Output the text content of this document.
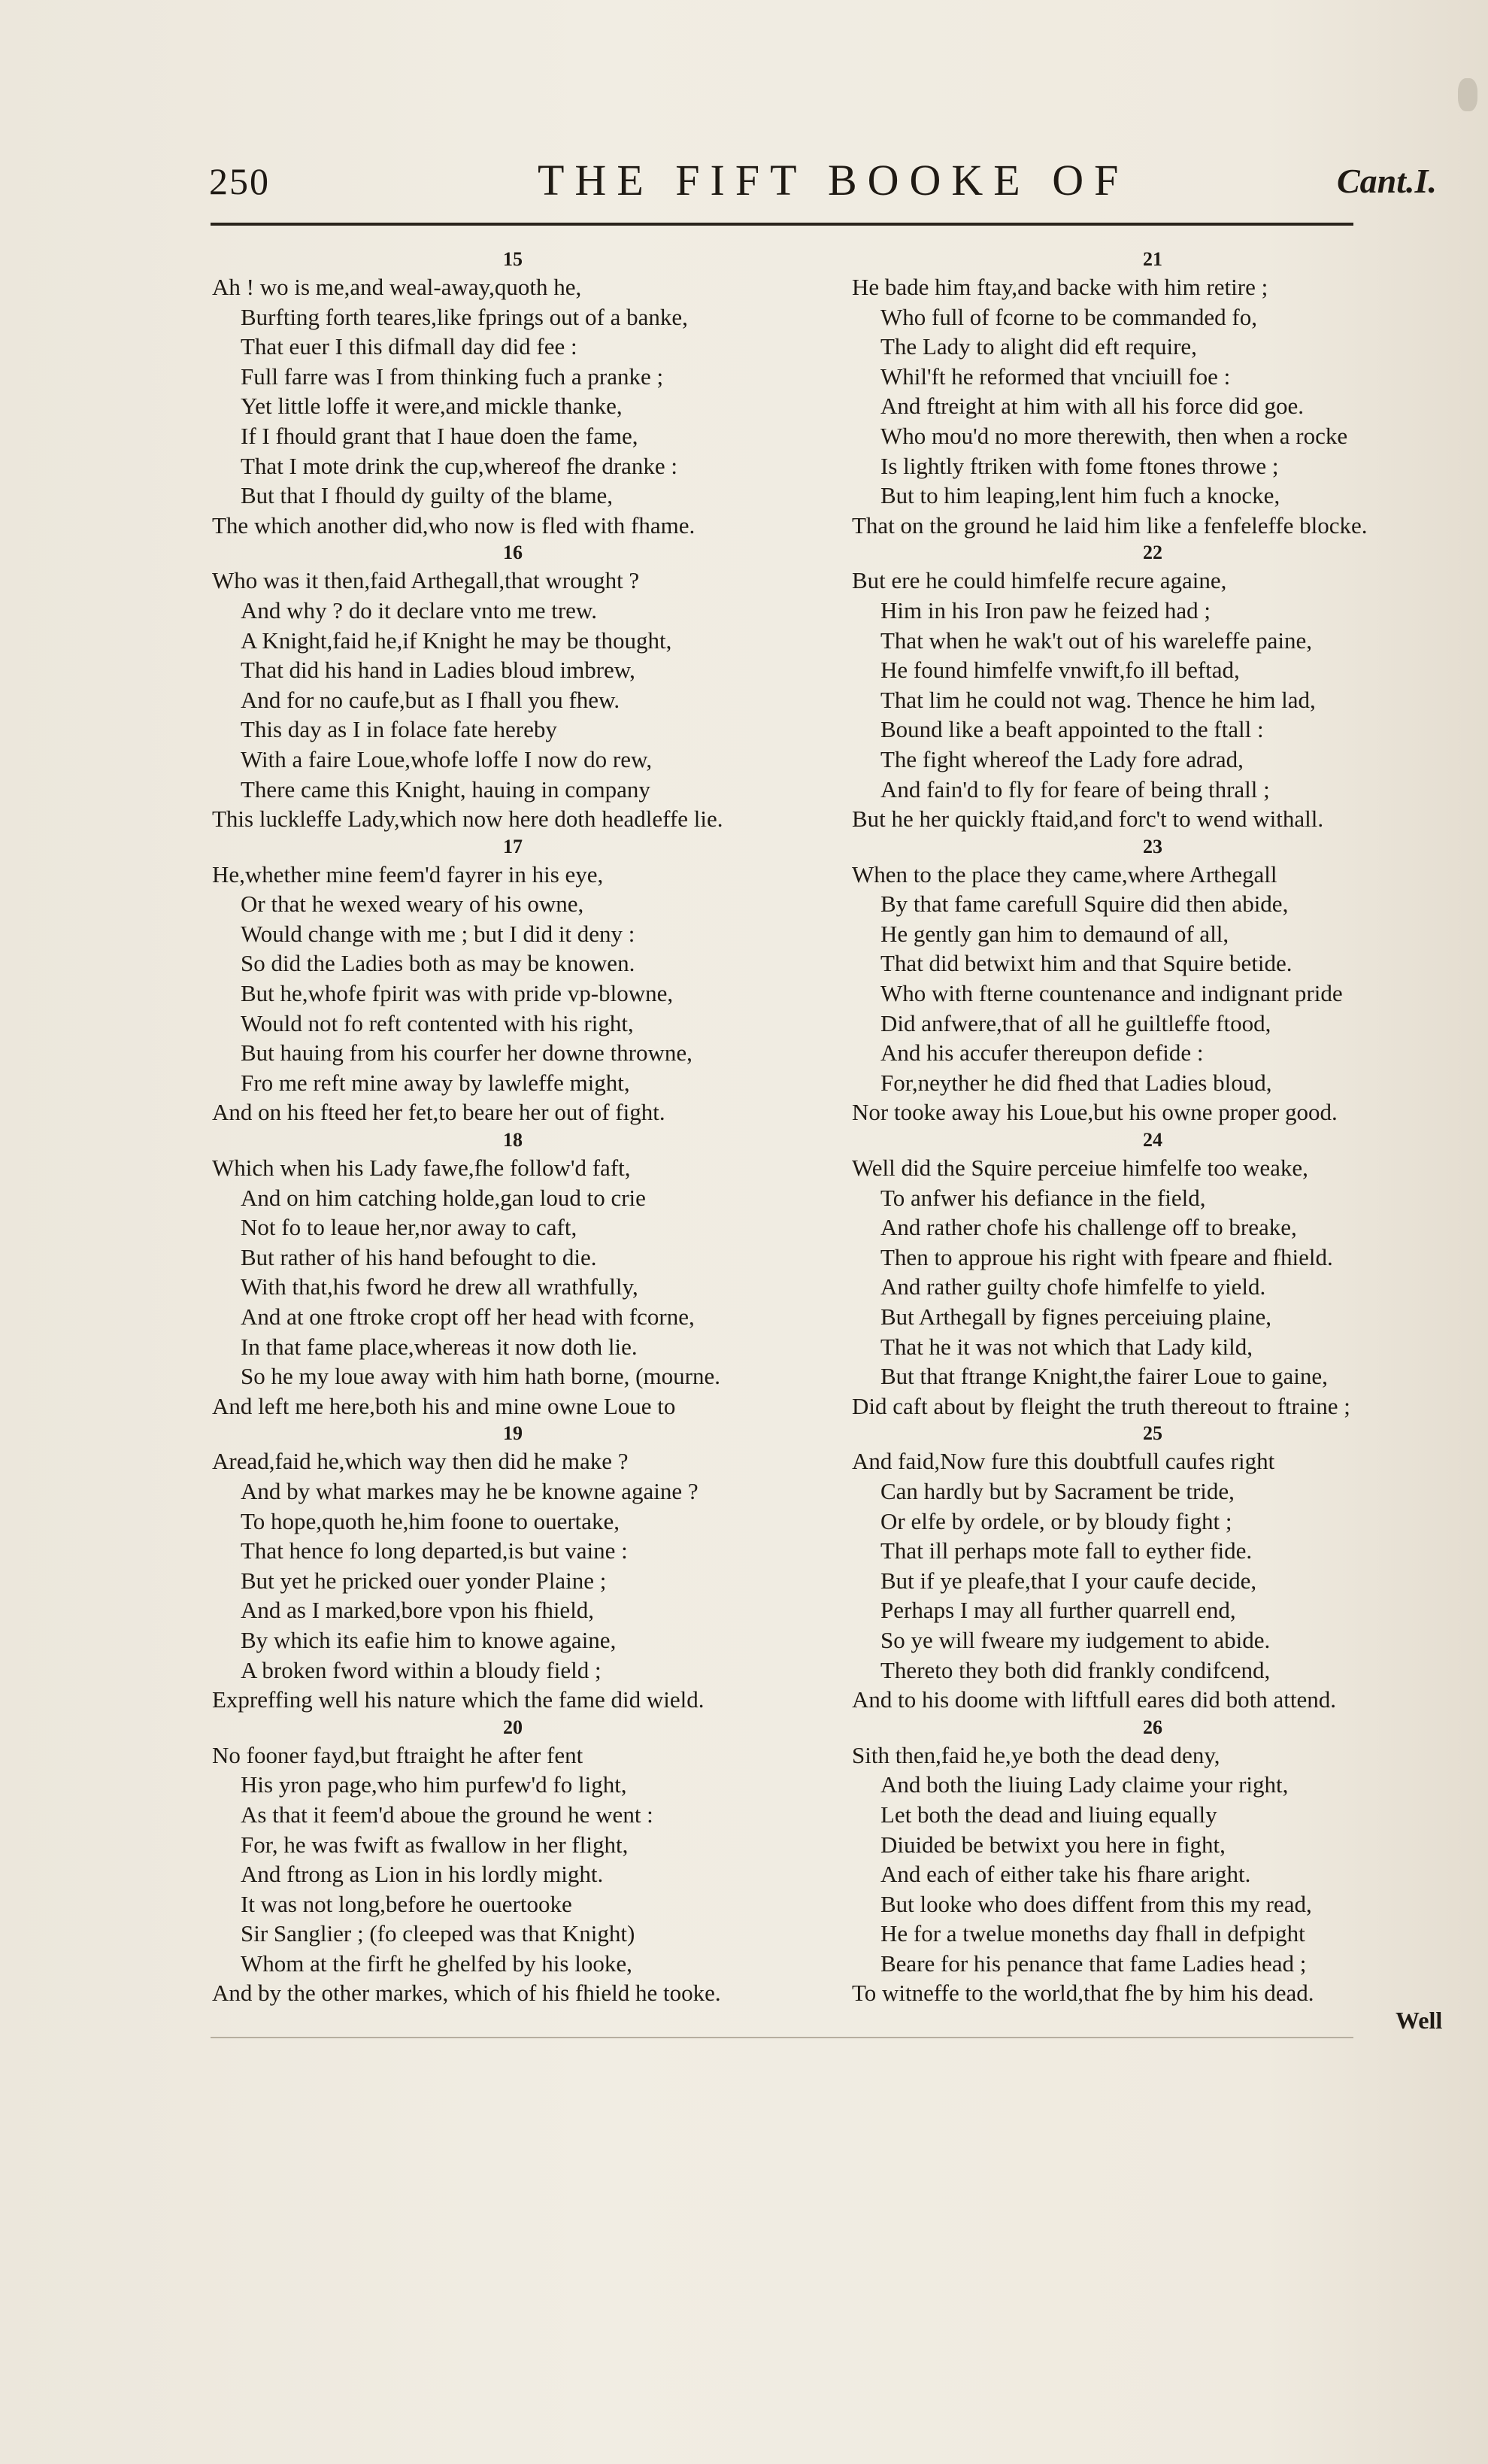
250	THE FIFT BOOKE OF	Cant.I.
15
Ah ! wo is me,and weal-away,quoth he,
Burfting forth teares,like fprings out of a banke,
That euer I this difmall day did fee :
Full farre was I from thinking fuch a pranke ;
Yet little loffe it were,and mickle thanke,
If I fhould grant that I haue doen the fame,
That I mote drink the cup,whereof fhe dranke :
But that I fhould dy guilty of the blame,
The which another did,who now is fled with fhame.
16
Who was it then,faid Arthegall,that wrought ?
And why ? do it declare vnto me trew.
A Knight,faid he,if Knight he may be thought,
That did his hand in Ladies bloud imbrew,
And for no caufe,but as I fhall you fhew.
This day as I in folace fate hereby
With a faire Loue,whofe loffe I now do rew,
There came this Knight, hauing in company
This luckleffe Lady,which now here doth headleffe lie.
17
He,whether mine feem'd fayrer in his eye,
Or that he wexed weary of his owne,
Would change with me ; but I did it deny :
So did the Ladies both as may be knowen.
But he,whofe fpirit was with pride vp-blowne,
Would not fo reft contented with his right,
But hauing from his courfer her downe throwne,
Fro me reft mine away by lawleffe might,
And on his fteed her fet,to beare her out of fight.
18
Which when his Lady fawe,fhe follow'd faft,
And on him catching holde,gan loud to crie
Not fo to leaue her,nor away to caft,
But rather of his hand befought to die.
With that,his fword he drew all wrathfully,
And at one ftroke cropt off her head with fcorne,
In that fame place,whereas it now doth lie.
So he my loue away with him hath borne, (mourne.
And left me here,both his and mine owne Loue to
19
Aread,faid he,which way then did he make ?
And by what markes may he be knowne againe ?
To hope,quoth he,him foone to ouertake,
That hence fo long departed,is but vaine :
But yet he pricked ouer yonder Plaine ;
And as I marked,bore vpon his fhield,
By which its eafie him to knowe againe,
A broken fword within a bloudy field ;
Expreffing well his nature which the fame did wield.
20
No fooner fayd,but ftraight he after fent
His yron page,who him purfew'd fo light,
As that it feem'd aboue the ground he went :
For, he was fwift as fwallow in her flight,
And ftrong as Lion in his lordly might.
It was not long,before he ouertooke
Sir Sanglier ; (fo cleeped was that Knight)
Whom at the firft he ghelfed by his looke,
And by the other markes, which of his fhield he tooke.
21
He bade him ftay,and backe with him retire ;
Who full of fcorne to be commanded fo,
The Lady to alight did eft require,
Whil'ft he reformed that vnciuill foe :
And ftreight at him with all his force did goe.
Who mou'd no more therewith, then when a rocke
Is lightly ftriken with fome ftones throwe ;
But to him leaping,lent him fuch a knocke,
That on the ground he laid him like a fenfeleffe blocke.
22
But ere he could himfelfe recure againe,
Him in his Iron paw he feized had ;
That when he wak't out of his wareleffe paine,
He found himfelfe vnwift,fo ill beftad,
That lim he could not wag. Thence he him lad,
Bound like a beaft appointed to the ftall :
The fight whereof the Lady fore adrad,
And fain'd to fly for feare of being thrall ;
But he her quickly ftaid,and forc't to wend withall.
23
When to the place they came,where Arthegall
By that fame carefull Squire did then abide,
He gently gan him to demaund of all,
That did betwixt him and that Squire betide.
Who with fterne countenance and indignant pride
Did anfwere,that of all he guiltleffe ftood,
And his accufer thereupon defide :
For,neyther he did fhed that Ladies bloud,
Nor tooke away his Loue,but his owne proper good.
24
Well did the Squire perceiue himfelfe too weake,
To anfwer his defiance in the field,
And rather chofe his challenge off to breake,
Then to approue his right with fpeare and fhield.
And rather guilty chofe himfelfe to yield.
But Arthegall by fignes perceiuing plaine,
That he it was not which that Lady kild,
But that ftrange Knight,the fairer Loue to gaine,
Did caft about by fleight the truth thereout to ftraine ;
25
And faid,Now fure this doubtfull caufes right
Can hardly but by Sacrament be tride,
Or elfe by ordele, or by bloudy fight ;
That ill perhaps mote fall to eyther fide.
But if ye pleafe,that I your caufe decide,
Perhaps I may all further quarrell end,
So ye will fweare my iudgement to abide.
Thereto they both did frankly condifcend,
And to his doome with liftfull eares did both attend.
26
Sith then,faid he,ye both the dead deny,
And both the liuing Lady claime your right,
Let both the dead and liuing equally
Diuided be betwixt you here in fight,
And each of either take his fhare aright.
But looke who does diffent from this my read,
He for a twelue moneths day fhall in defpight
Beare for his penance that fame Ladies head ;
To witneffe to the world,that fhe by him his dead.
Well
